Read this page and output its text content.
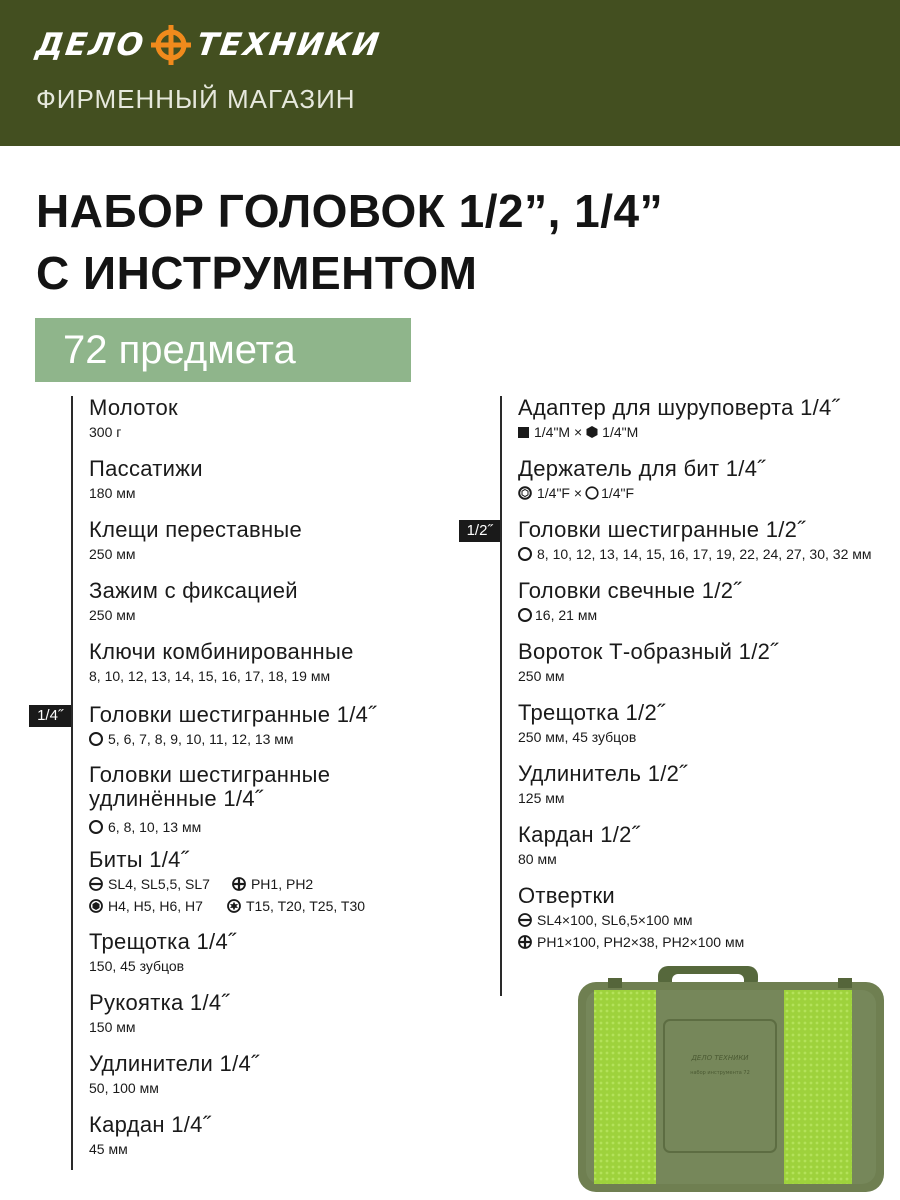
ДЕЛО ТЕХНИКИ
ФИРМЕННЫЙ МАГАЗИН
НАБОР ГОЛОВОК 1/2”, 1/4”
С ИНСТРУМЕНТОМ
72 предмета
1/4˝
1/2˝
Молоток
300 г
Пассатижи
180 мм
Клещи переставные
250 мм
Зажим с фиксацией
250 мм
Ключи комбинированные
8, 10, 12, 13, 14, 15, 16, 17, 18, 19 мм
Головки шестигранные 1/4˝
5, 6, 7, 8, 9, 10, 11, 12, 13 мм
Головки шестигранные
удлинённые 1/4˝
6, 8, 10, 13 мм
Биты 1/4˝
SL4, SL5,5, SL7	PH1, PH2
H4, H5, H6, H7	T15, T20, T25, T30
Трещотка 1/4˝
150, 45 зубцов
Рукоятка 1/4˝
150 мм
Удлинители 1/4˝
50, 100 мм
Кардан 1/4˝
45 мм
Адаптер для шуруповерта 1/4˝
1/4"M × 1/4"M
Держатель для бит 1/4˝
1/4"F × 1/4"F
Головки шестигранные 1/2˝
8, 10, 12, 13, 14, 15, 16, 17, 19, 22, 24, 27, 30, 32 мм
Головки свечные 1/2˝
16, 21 мм
Вороток Т-образный 1/2˝
250 мм
Трещотка 1/2˝
250 мм, 45 зубцов
Удлинитель 1/2˝
125 мм
Кардан 1/2˝
80 мм
Отвертки
SL4×100, SL6,5×100 мм
PH1×100, PH2×38, PH2×100 мм
ДЕЛО ТЕХНИКИ
набор инструмента 72
